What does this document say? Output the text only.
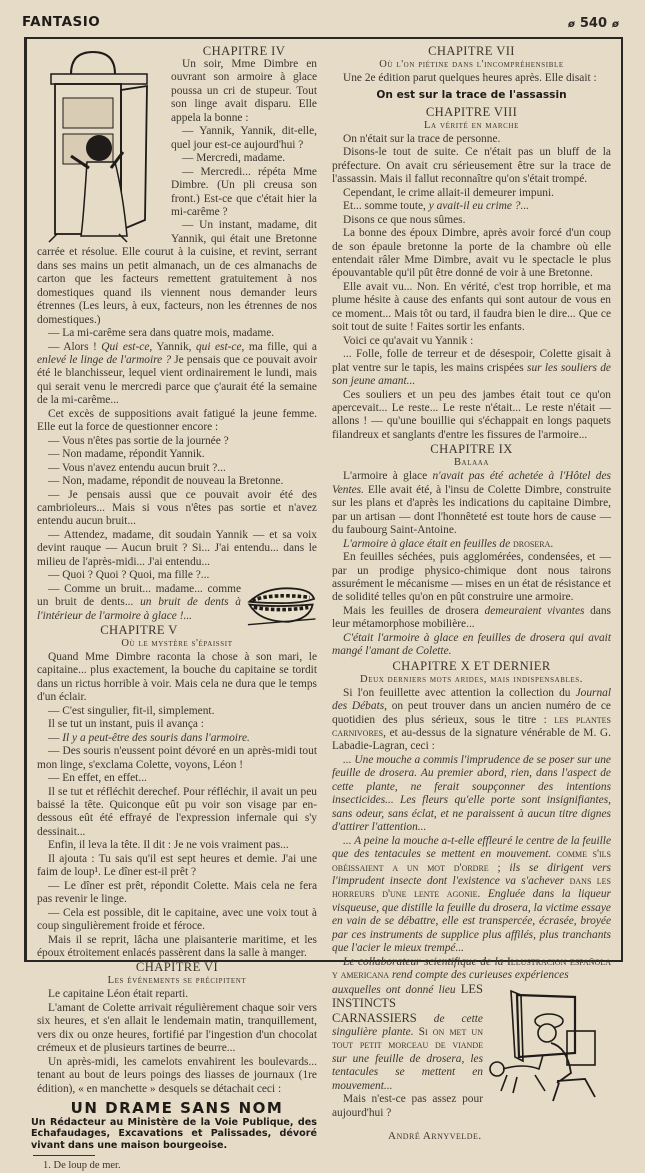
FANTASIO	ø 540 ø
CHAPITRE IV

Un soir, Mme Dimbre en ouvrant son armoire à glace poussa un cri de stupeur. Tout son linge avait disparu. Elle appela la bonne :

— Yannik, Yannik, dit-elle, quel jour est-ce aujourd'hui ?

— Mercredi, madame.

— Mercredi... répéta Mme Dimbre. (Un pli creusa son front.) Est-ce que c'était hier la mi-carême ?

— Un instant, madame, dit Yannik, qui était une Bretonne carrée et résolue. Elle courut à la cuisine, et revint, serrant dans ses mains un petit almanach, un de ces almanachs de carton que les facteurs remettent gratuitement à nos domestiques quand ils viennent nous demander leurs étrennes (Les leurs, à eux, facteurs, non les étrennes de nos domestiques.)

— La mi-carême sera dans quatre mois, madame.

— Alors ! Qui est-ce, Yannik, qui est-ce, ma fille, qui a enlevé le linge de l'armoire ? Je pensais que ce pouvait avoir été le blanchisseur, lequel vient ordinairement le lundi, mais qui serait venu le mercredi parce que ç'aurait été la semaine de la mi-carême...

Cet excès de suppositions avait fatigué la jeune femme. Elle eut la force de questionner encore :

— Vous n'êtes pas sortie de la journée ?

— Non madame, répondit Yannik.

— Vous n'avez entendu aucun bruit ?...

— Non, madame, répondit de nouveau la Bretonne.

— Je pensais aussi que ce pouvait avoir été des cambrioleurs... Mais si vous n'êtes pas sortie et n'avez entendu aucun bruit...

— Attendez, madame, dit soudain Yannik — et sa voix devint rauque — Aucun bruit ? Si... J'ai entendu... dans le milieu de l'après-midi... J'ai entendu...

— Quoi ? Quoi ? Quoi, ma fille ?...

— Comme un bruit... madame... comme un bruit de dents... un bruit de dents à l'intérieur de l'armoire à glace !...

CHAPITRE V
Où le mystère s'épaissit

Quand Mme Dimbre raconta la chose à son mari, le capitaine... plus exactement, la bouche du capitaine se tordit dans un rictus horrible à voir. Mais cela ne dura que le temps d'un éclair.

— C'est singulier, fit-il, simplement.

Il se tut un instant, puis il avança :

— Il y a peut-être des souris dans l'armoire.

— Des souris n'eussent point dévoré en un après-midi tout mon linge, s'exclama Colette, voyons, Léon !

— En effet, en effet...

Il se tut et réfléchit derechef. Pour réfléchir, il avait un peu baissé la tête. Quiconque eût pu voir son visage par en-dessous eût été effrayé de l'expression infernale qui s'y dessinait...

Enfin, il leva la tête. Il dit : Je ne vois vraiment pas...

Il ajouta : Tu sais qu'il est sept heures et demie. J'ai une faim de loup¹. Le dîner est-il prêt ?

— Le dîner est prêt, répondit Colette. Mais cela ne fera pas revenir le linge.

— Cela est possible, dit le capitaine, avec une voix tout à coup singulièrement froide et féroce.

Mais il se reprit, lâcha une plaisanterie maritime, et les époux étroitement enlacés passèrent dans la salle à manger.

CHAPITRE VI
Les événements se précipitent

Le capitaine Léon était reparti.

L'amant de Colette arrivait régulièrement chaque soir vers six heures, et s'en allait le lendemain matin, tranquillement, vers dix ou onze heures, fortifié par l'ingestion d'un chocolat crémeux et de plusieurs tartines de beurre...

Un après-midi, les camelots envahirent les boulevards... tenant au bout de leurs poings des liasses de journaux (1re édition), « en manchette » desquels se détachait ceci :

UN DRAME SANS NOM
Un Rédacteur au Ministère de la Voie Publique, des Echafaudages, Excavations et Palissades, dévoré vivant dans une maison bourgeoise.
1. De loup de mer.
CHAPITRE VII
Où l'on piétine dans l'incompréhensible

Une 2e édition parut quelques heures après. Elle disait :

On est sur la trace de l'assassin
CHAPITRE VIII
La vérité en marche

On n'était sur la trace de personne.

Disons-le tout de suite. Ce n'était pas un bluff de la préfecture. On avait cru sérieusement être sur la trace de l'assassin. Mais il fallut reconnaître qu'on s'était trompé.

Cependant, le crime allait-il demeurer impuni.

Et... somme toute, y avait-il eu crime ?...

Disons ce que nous sûmes.

La bonne des époux Dimbre, après avoir forcé d'un coup de son épaule bretonne la porte de la chambre où elle entendait râler Mme Dimbre, avait vu le spectacle le plus épouvantable qu'il pût être donné de voir à une Bretonne.

Elle avait vu... Non. En vérité, c'est trop horrible, et ma plume hésite à cause des enfants qui sont autour de vous en ce moment... Mais tôt ou tard, il faudra bien le dire... Que ce soit tout de suite ! Faites sortir les enfants.

Voici ce qu'avait vu Yannik :

... Folle, folle de terreur et de désespoir, Colette gisait à plat ventre sur le tapis, les mains crispées sur les souliers de son jeune amant...

Ces souliers et un peu des jambes était tout ce qu'on apercevait... Le reste... Le reste n'était... Le reste n'était — allons ! — qu'une bouillie qui s'échappait en longs paquets filandreux et sanglants d'entre les fissures de l'armoire...

CHAPITRE IX
Balaaa

L'armoire à glace n'avait pas été achetée à l'Hôtel des Ventes. Elle avait été, à l'insu de Colette Dimbre, construite sur les plans et d'après les indications du capitaine Dimbre, par un artisan — dont l'honnêteté est toute hors de cause — du faubourg Saint-Antoine.

L'armoire à glace était en feuilles de drosera.

En feuilles séchées, puis agglomérées, condensées, et — par un prodige physico-chimique dont nous tairons assurément le mécanisme — mises en un état de résistance et de solidité telles qu'on en pût construire une armoire.

Mais les feuilles de drosera demeuraient vivantes dans leur métamorphose mobilière...

C'était l'armoire à glace en feuilles de drosera qui avait mangé l'amant de Colette.

CHAPITRE X ET DERNIER
Deux derniers mots arides, mais indispensables.

Si l'on feuillette avec attention la collection du Journal des Débats, on peut trouver dans un ancien numéro de ce quotidien des plus sérieux, sous le titre : les plantes carnivores, et au-dessus de la signature vénérable de M. G. Labadie-Lagran, ceci :

... Une mouche a commis l'imprudence de se poser sur une feuille de drosera. Au premier abord, rien, dans l'aspect de cette plante, ne ferait soupçonner des intentions insecticides... Les fleurs qu'elle porte sont insignifiantes, sans odeur, sans éclat, et ne paraissent à aucun titre dignes d'attirer l'attention...

... A peine la mouche a-t-elle effleuré le centre de la feuille que des tentacules se mettent en mouvement. comme s'ils obéissaient a un mot d'ordre ; ils se dirigent vers l'imprudent insecte dont l'existence va s'achever dans les horreurs d'une lente agonie. Engluée dans la liqueur visqueuse, que distille la feuille du drosera, la victime essaye en vain de se débattre, elle est transpercée, écrasée, broyée par ces instruments de supplice plus affilés, plus tranchants que l'acier le mieux trempé...

Le collaborateur scientifique de la Illustracion española y americana rend compte des curieuses expériences

auxquelles ont donné lieu LES INSTINCTS CARNASSIERS de cette singulière plante. Si on met un tout petit morceau de viande sur une feuille de drosera, les tentacules se mettent en mouvement...

Mais n'est-ce pas assez pour aujourd'hui ?

André Arnyvelde.
